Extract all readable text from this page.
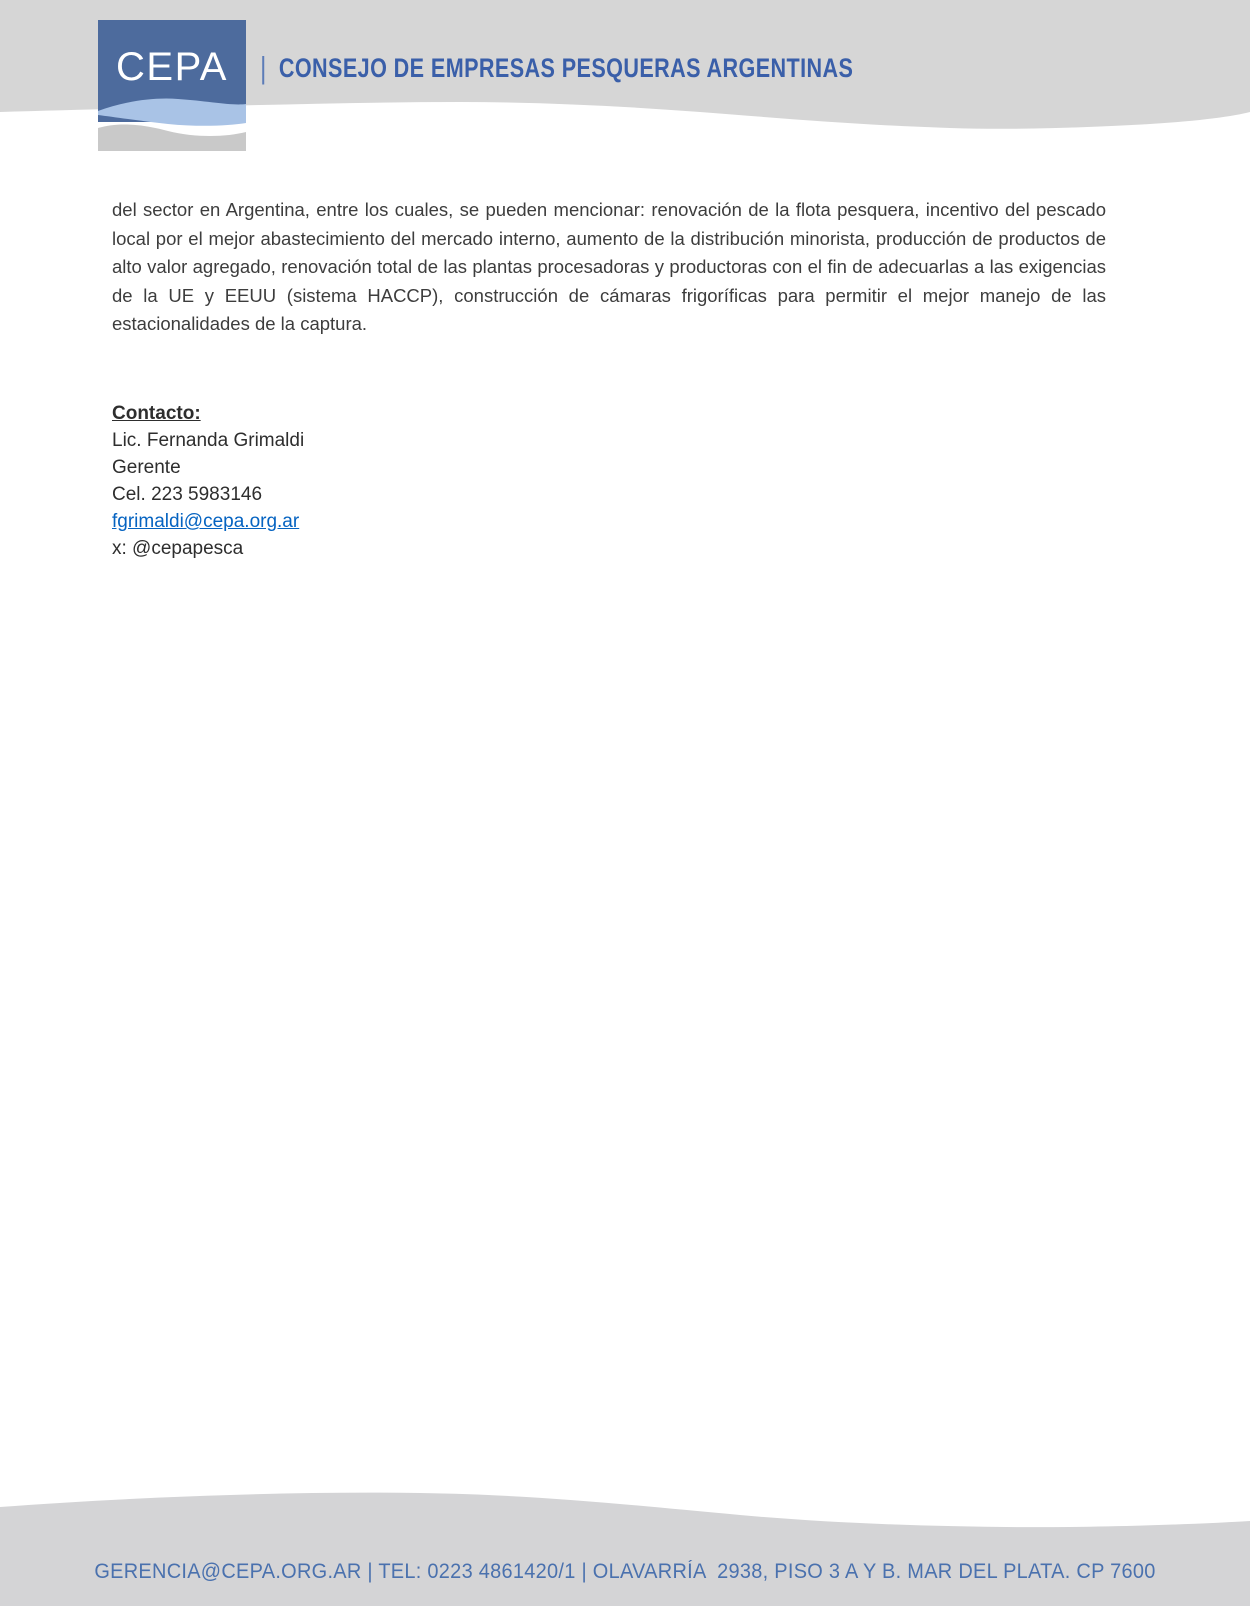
CEPA	| CONSEJO DE EMPRESAS PESQUERAS ARGENTINAS
del sector en Argentina, entre los cuales, se pueden mencionar: renovación de la flota pesquera, incentivo del pescado local por el mejor abastecimiento del mercado interno, aumento de la distribución minorista, producción de productos de alto valor agregado, renovación total de las plantas procesadoras y productoras con el fin de adecuarlas a las exigencias de la UE y EEUU (sistema HACCP), construcción de cámaras frigoríficas para permitir el mejor manejo de las estacionalidades de la captura.
Contacto:
Lic. Fernanda Grimaldi
Gerente
Cel. 223 5983146
fgrimaldi@cepa.org.ar
x: @cepapesca
GERENCIA@CEPA.ORG.AR | TEL: 0223 4861420/1 | OLAVARRÍA  2938, PISO 3 A Y B. MAR DEL PLATA. CP 7600
